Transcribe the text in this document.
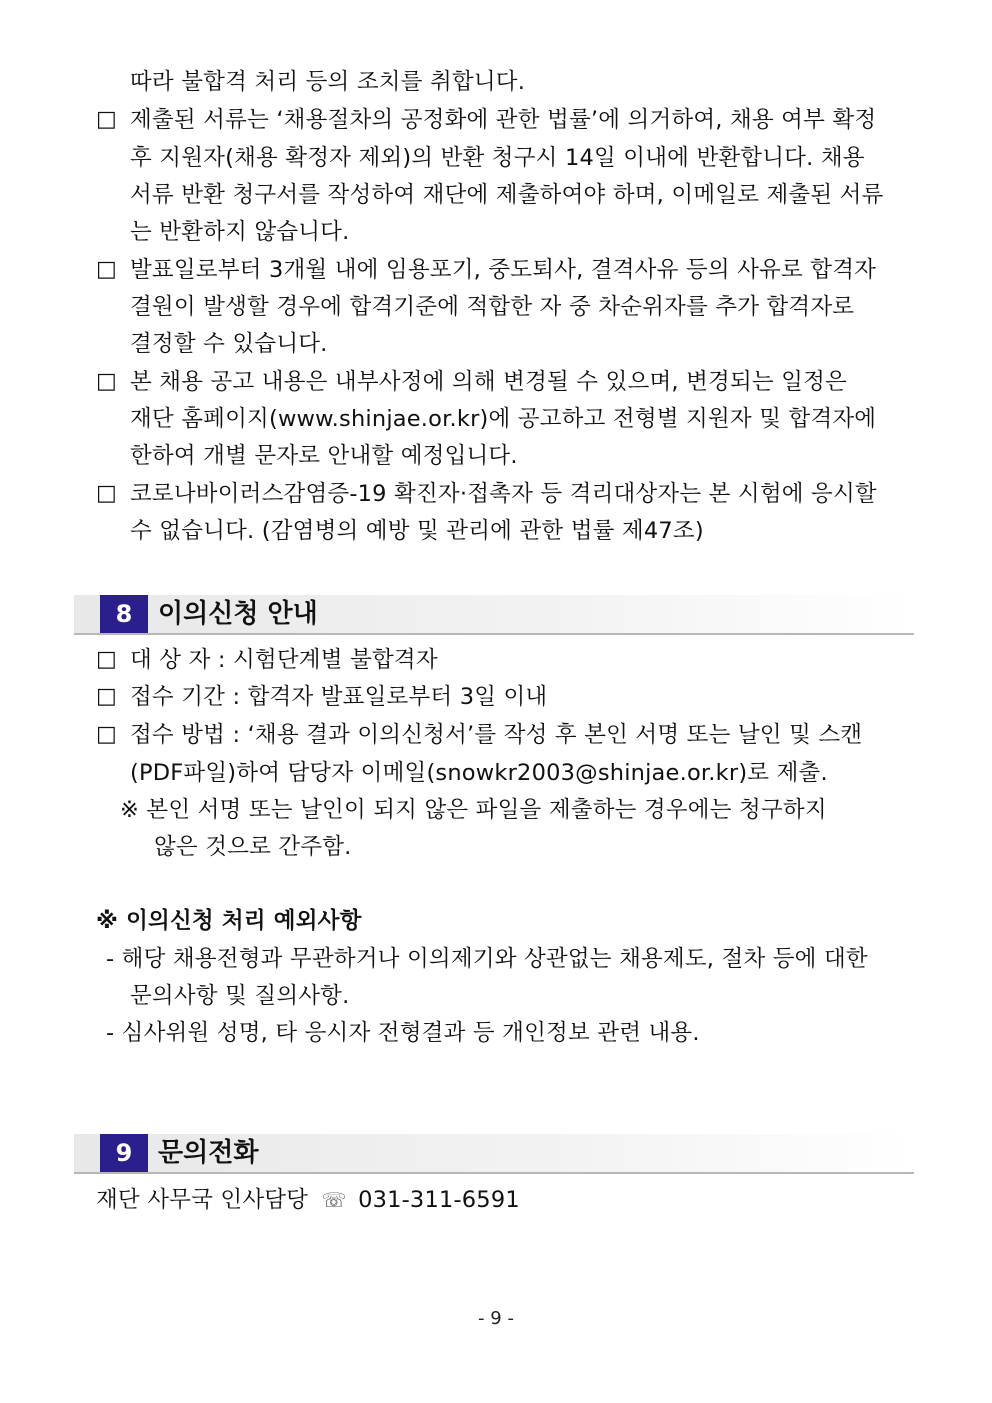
따라 불합격 처리 등의 조치를 취합니다.
□ 제출된 서류는 ‘채용절차의 공정화에 관한 법률’에 의거하여, 채용 여부 확정
후 지원자(채용 확정자 제외)의 반환 청구시 14일 이내에 반환합니다. 채용
서류 반환 청구서를 작성하여 재단에 제출하여야 하며, 이메일로 제출된 서류
는 반환하지 않습니다.
□ 발표일로부터 3개월 내에 임용포기, 중도퇴사, 결격사유 등의 사유로 합격자
결원이 발생할 경우에 합격기준에 적합한 자 중 차순위자를 추가 합격자로
결정할 수 있습니다.
□ 본 채용 공고 내용은 내부사정에 의해 변경될 수 있으며, 변경되는 일정은
재단 홈페이지(www.shinjae.or.kr)에 공고하고 전형별 지원자 및 합격자에
한하여 개별 문자로 안내할 예정입니다.
□ 코로나바이러스감염증-19 확진자·접촉자 등 격리대상자는 본 시험에 응시할
수 없습니다. (감염병의 예방 및 관리에 관한 법률 제47조)
8 이의신청 안내
□ 대 상 자 : 시험단계별 불합격자
□ 접수 기간 : 합격자 발표일로부터 3일 이내
□ 접수 방법 : ‘채용 결과 이의신청서’를 작성 후 본인 서명 또는 날인 및 스캔
(PDF파일)하여 담당자 이메일(snowkr2003@shinjae.or.kr)로 제출.
※ 본인 서명 또는 날인이 되지 않은 파일을 제출하는 경우에는 청구하지
않은 것으로 간주함.
※ 이의신청 처리 예외사항
- 해당 채용전형과 무관하거나 이의제기와 상관없는 채용제도, 절차 등에 대한
문의사항 및 질의사항.
- 심사위원 성명, 타 응시자 전형결과 등 개인정보 관련 내용.
9 문의전화
재단 사무국 인사담당 ☏ 031-311-6591
- 9 -
